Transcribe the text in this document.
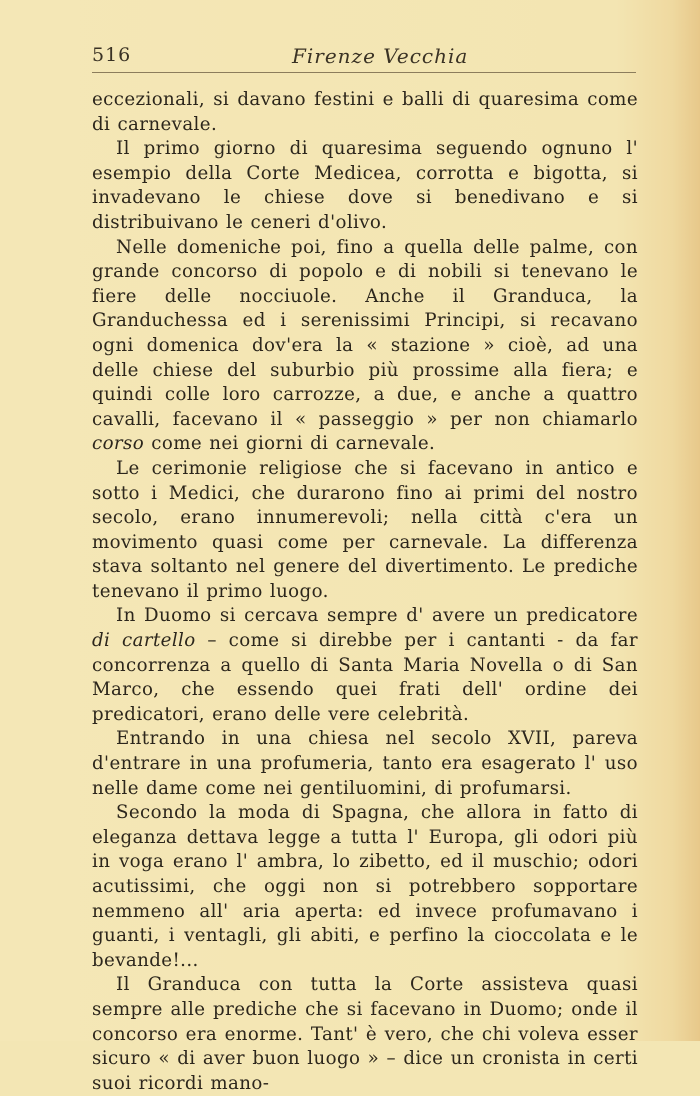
516	Firenze Vecchia

eccezionali, si davano festini e balli di quaresima come di carnevale.

Il primo giorno di quaresima seguendo ognuno l' esempio della Corte Medicea, corrotta e bigotta, si invadevano le chiese dove si benedivano e si distribuivano le ceneri d'olivo.

Nelle domeniche poi, fino a quella delle palme, con grande concorso di popolo e di nobili si tenevano le fiere delle nocciuole. Anche il Granduca, la Granduchessa ed i serenissimi Principi, si recavano ogni domenica dov'era la « stazione » cioè, ad una delle chiese del suburbio più prossime alla fiera; e quindi colle loro carrozze, a due, e anche a quattro cavalli, facevano il « passeggio » per non chiamarlo corso come nei giorni di carnevale.

Le cerimonie religiose che si facevano in antico e sotto i Medici, che durarono fino ai primi del nostro secolo, erano innumerevoli; nella città c'era un movimento quasi come per carnevale. La differenza stava soltanto nel genere del divertimento. Le prediche tenevano il primo luogo.

In Duomo si cercava sempre d' avere un predicatore di cartello – come si direbbe per i cantanti - da far concorrenza a quello di Santa Maria Novella o di San Marco, che essendo quei frati dell' ordine dei predicatori, erano delle vere celebrità.

Entrando in una chiesa nel secolo XVII, pareva d'entrare in una profumeria, tanto era esagerato l' uso nelle dame come nei gentiluomini, di profumarsi.

Secondo la moda di Spagna, che allora in fatto di eleganza dettava legge a tutta l' Europa, gli odori più in voga erano l' ambra, lo zibetto, ed il muschio; odori acutissimi, che oggi non si potrebbero sopportare nemmeno all' aria aperta: ed invece profumavano i guanti, i ventagli, gli abiti, e perfino la cioccolata e le bevande!...

Il Granduca con tutta la Corte assisteva quasi sempre alle prediche che si facevano in Duomo; onde il concorso era enorme. Tant' è vero, che chi voleva esser sicuro « di aver buon luogo » – dice un cronista in certi suoi ricordi mano-
